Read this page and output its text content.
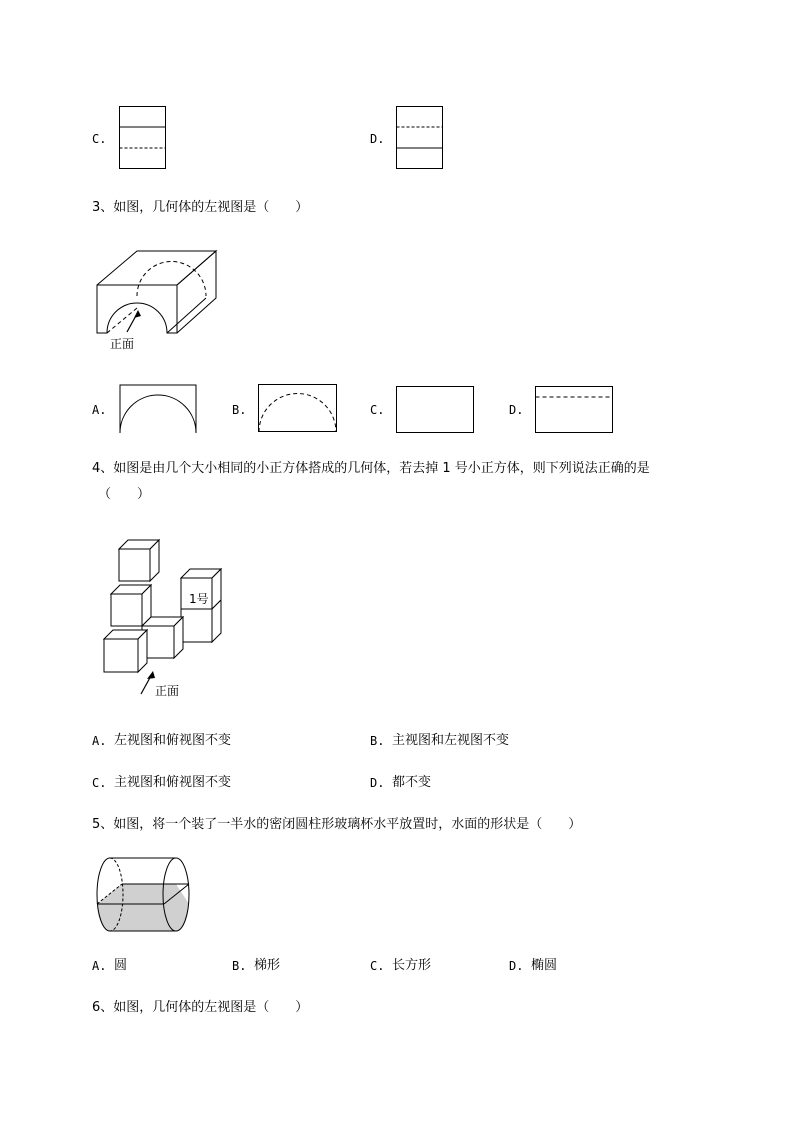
C.	D.
3、如图，几何体的左视图是（　　）
正面
A.	B.	C.	D.
4、如图是由几个大小相同的小正方体搭成的几何体，若去掉 1 号小正方体，则下列说法正确的是
（　　）
1号
正面
A. 左视图和俯视图不变	B. 主视图和左视图不变
C. 主视图和俯视图不变	D. 都不变
5、如图，将一个装了一半水的密闭圆柱形玻璃杯水平放置时，水面的形状是（　　）
A. 圆	B. 梯形	C. 长方形	D. 椭圆
6、如图，几何体的左视图是（　　）
